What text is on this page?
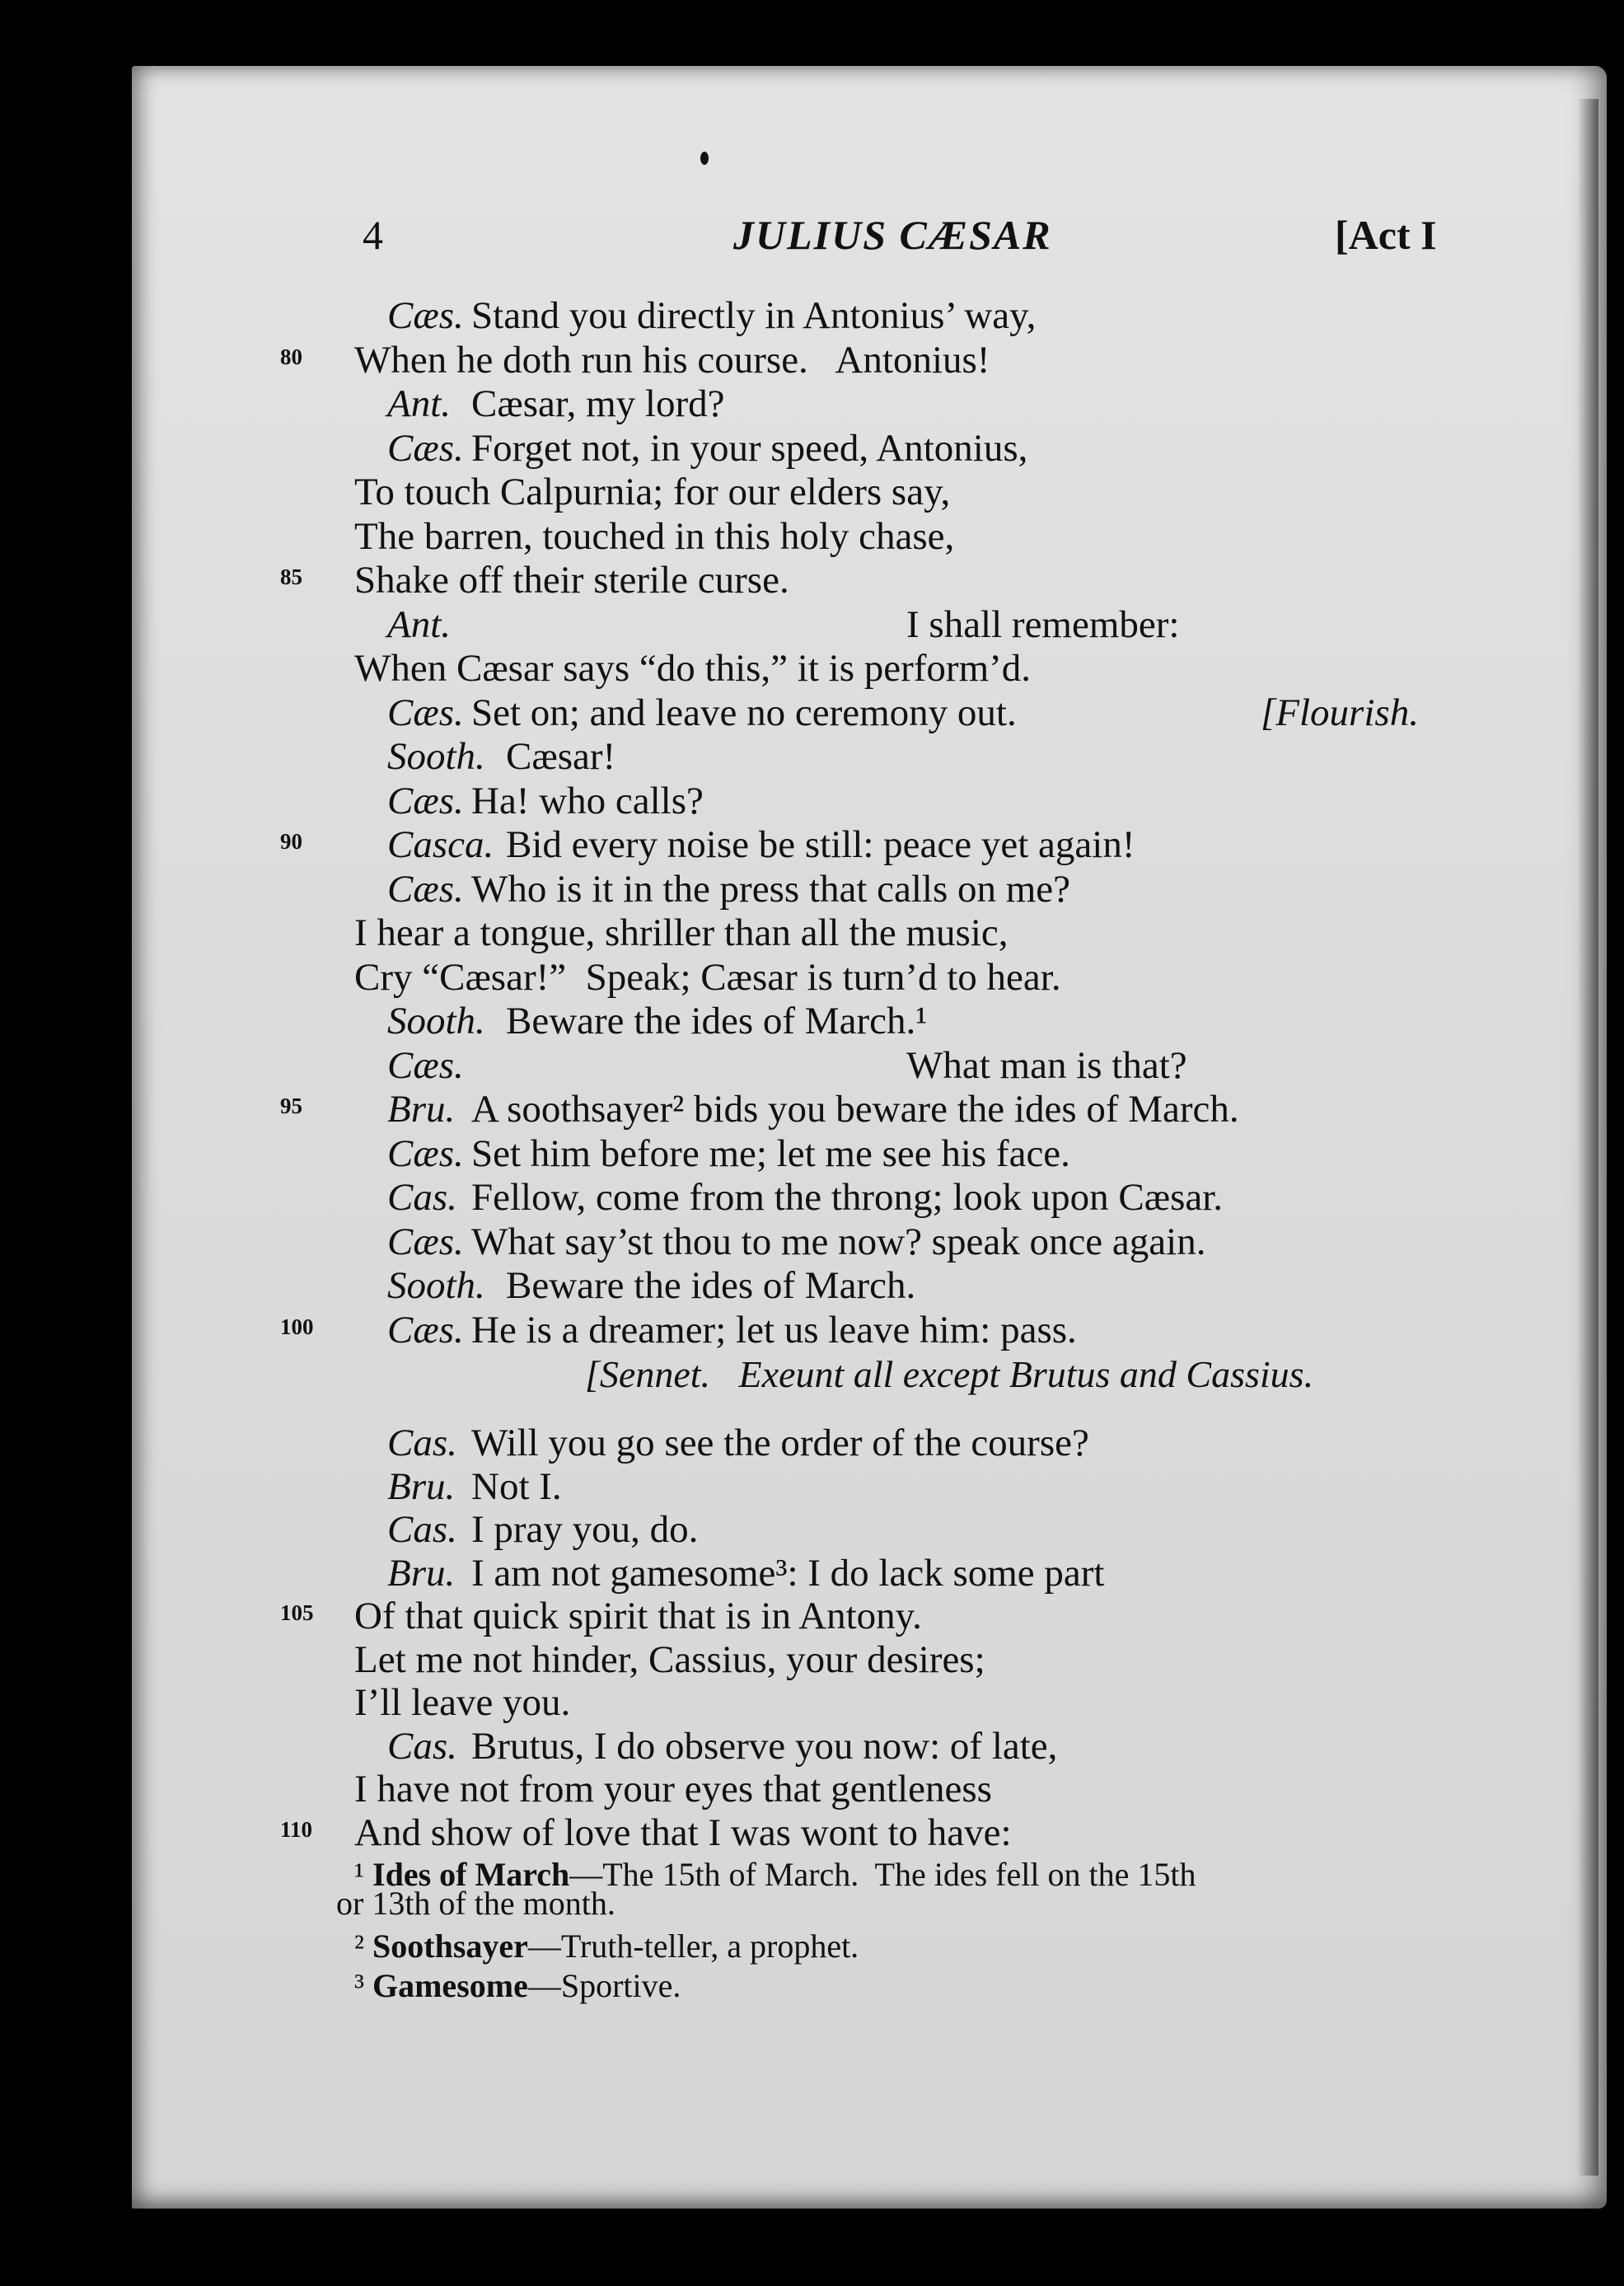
4	JULIUS CÆSAR	[Act I
[Sennet.   Exeunt all except Brutus and Cassius.
Cæs. Stand you directly in Antonius’ way,
80 When he doth run his course.   Antonius!
Ant. Cæsar, my lord?
Cæs. Forget not, in your speed, Antonius,
To touch Calpurnia; for our elders say,
The barren, touched in this holy chase,
85 Shake off their sterile curse.
Ant.	I shall remember:
When Cæsar says “do this,” it is perform’d.
Cæs. Set on; and leave no ceremony out.	[Flourish.
Sooth. Cæsar!
Cæs. Ha! who calls?
90 Casca. Bid every noise be still: peace yet again!
Cæs. Who is it in the press that calls on me?
I hear a tongue, shriller than all the music,
Cry “Cæsar!”  Speak; Cæsar is turn’d to hear.
Sooth. Beware the ides of March.¹
Cæs.	What man is that?
95 Bru. A soothsayer² bids you beware the ides of March.
Cæs. Set him before me; let me see his face.
Cas. Fellow, come from the throng; look upon Cæsar.
Cæs. What say’st thou to me now? speak once again.
Sooth. Beware the ides of March.
100 Cæs. He is a dreamer; let us leave him: pass.
Cas. Will you go see the order of the course?
Bru. Not I.
Cas. I pray you, do.
Bru. I am not gamesome³: I do lack some part
105 Of that quick spirit that is in Antony.
Let me not hinder, Cassius, your desires;
I’ll leave you.
Cas. Brutus, I do observe you now: of late,
I have not from your eyes that gentleness
110 And show of love that I was wont to have:
¹ Ides of March—The 15th of March.  The ides fell on the 15th
or 13th of the month.
² Soothsayer—Truth-teller, a prophet.
³ Gamesome—Sportive.
